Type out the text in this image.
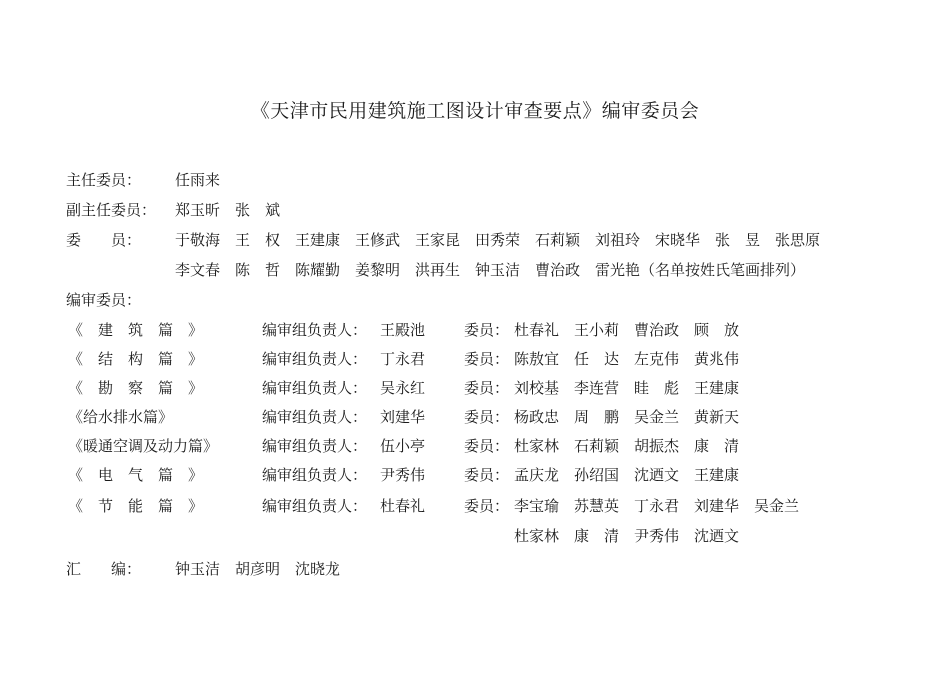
《天津市民用建筑施工图设计审查要点》编审委员会
主任委员： 任雨来
副主任委员： 郑玉昕　张　斌
委　　员： 于敬海　王　权　王建康　王修武　王家昆　田秀荣　石莉颖　刘祖玲　宋晓华　张　昱　张思原
李文春　陈　哲　陈耀勤　姜黎明　洪再生　钟玉洁　曹治政　雷光艳（名单按姓氏笔画排列）
编审委员：
《　建　筑　篇　》	编审组负责人： 王殿池	委员： 杜春礼　王小莉　曹治政　顾　放
《　结　构　篇　》	编审组负责人： 丁永君	委员： 陈敖宜　任　达　左克伟　黄兆伟
《　勘　察　篇　》	编审组负责人： 吴永红	委员： 刘校基　李连营　眭　彪　王建康
《给水排水篇》	编审组负责人： 刘建华	委员： 杨政忠　周　鹏　吴金兰　黄新天
《暖通空调及动力篇》	编审组负责人： 伍小亭	委员： 杜家林　石莉颖　胡振杰　康　清
《　电　气　篇　》	编审组负责人： 尹秀伟	委员： 孟庆龙　孙绍国　沈迺文　王建康
《　节　能　篇　》	编审组负责人： 杜春礼	委员： 李宝瑜　苏慧英　丁永君　刘建华　吴金兰
杜家林　康　清　尹秀伟　沈迺文
汇　　编： 钟玉洁　胡彦明　沈晓龙
